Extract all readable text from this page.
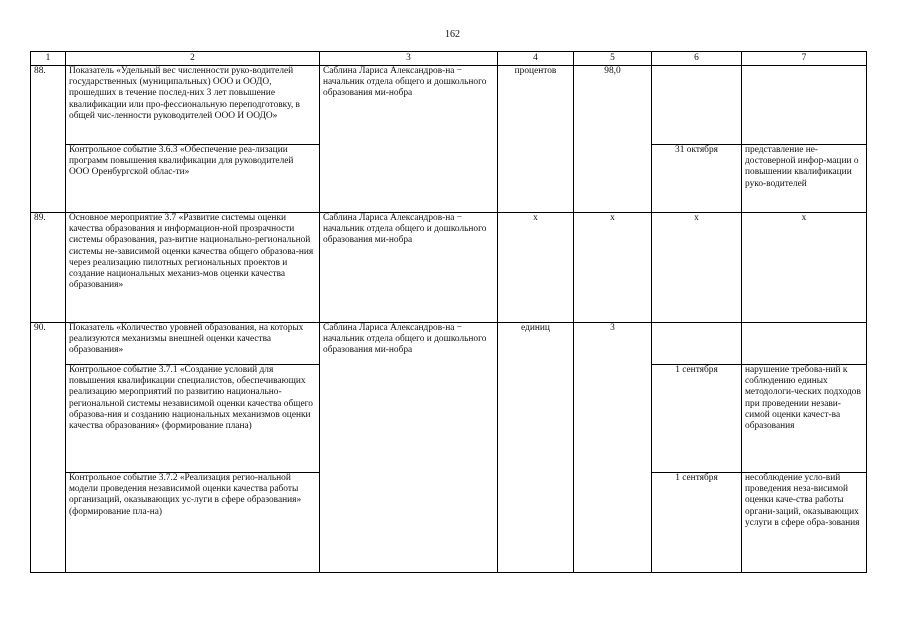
162
1	2	3	4	5	6	7
88.	Показатель «Удельный вес численности руко-водителей государственных (муниципальных) ООО и ООДО, прошедших в течение послед-них 3 лет повышение квалификации или про-фессиональную переподготовку, в общей чис-ленности руководителей ООО И ООДО»	Саблина Лариса Александров-на − начальник отдела общего и дошкольного образования ми-нобра	процентов	98,0		
	Контрольное событие 3.6.3 «Обеспечение реа-лизации программ повышения квалификации для руководителей ООО Оренбургской облас-ти»				31 октября	представление не-достоверной инфор-мации о повышении квалификации руко-водителей
89.	Основное мероприятие 3.7 «Развитие системы оценки качества образования и информацион-ной прозрачности системы образования, раз-витие национально-региональной системы не-зависимой оценки качества общего образова-ния через реализацию пилотных региональных проектов и создание национальных механиз-мов оценки качества образования»	Саблина Лариса Александров-на − начальник отдела общего и дошкольного образования ми-нобра	х	х	х	х
90.	Показатель «Количество уровней образования, на которых реализуются механизмы внешней оценки качества образования»	Саблина Лариса Александров-на − начальник отдела общего и дошкольного образования ми-нобра	единиц	3		
	Контрольное событие 3.7.1 «Создание условий для повышения квалификации специалистов, обеспечивающих реализацию мероприятий по развитию национально-региональной системы независимой оценки качества общего образова-ния и созданию национальных механизмов оценки качества образования» (формирование плана)				1 сентября	нарушение требова-ний к соблюдению единых методологи-ческих подходов при проведении незави-симой оценки качест-ва образования
	Контрольное событие 3.7.2 «Реализация регио-нальной модели проведения независимой оценки качества работы организаций, оказывающих ус-луги в сфере образования» (формирование пла-на)				1 сентября	несоблюдение усло-вий проведения неза-висимой оценки каче-ства работы органи-заций, оказывающих услуги в сфере обра-зования
